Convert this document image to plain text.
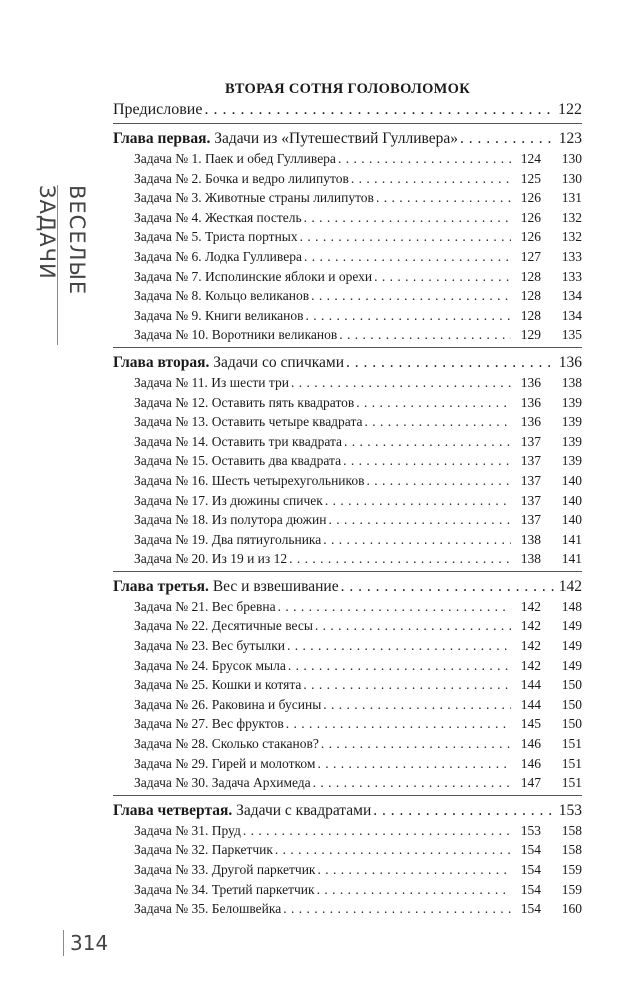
ВЕСЕЛЫЕ ЗАДАЧИ
314
ВТОРАЯ СОТНЯ ГОЛОВОЛОМОК
Предисловие . . .	122
Глава первая. Задачи из «Путешествий Гулливера» . . .	123
Задача № 1. Паек и обед Гулливера . . .	124	130
Задача № 2. Бочка и ведро лилипутов . . .	125	130
Задача № 3. Животные страны лилипутов . . .	126	131
Задача № 4. Жесткая постель . . .	126	132
Задача № 5. Триста портных . . .	126	132
Задача № 6. Лодка Гулливера . . .	127	133
Задача № 7. Исполинские яблоки и орехи . . .	128	133
Задача № 8. Кольцо великанов . . .	128	134
Задача № 9. Книги великанов . . .	128	134
Задача № 10. Воротники великанов . . .	129	135
Глава вторая. Задачи со спичками . . .	136
Задача № 11. Из шести три . . .	136	138
Задача № 12. Оставить пять квадратов . . .	136	139
Задача № 13. Оставить четыре квадрата . . .	136	139
Задача № 14. Оставить три квадрата . . .	137	139
Задача № 15. Оставить два квадрата . . .	137	139
Задача № 16. Шесть четырехугольников . . .	137	140
Задача № 17. Из дюжины спичек . . .	137	140
Задача № 18. Из полутора дюжин . . .	137	140
Задача № 19. Два пятиугольника . . .	138	141
Задача № 20. Из 19 и из 12 . . .	138	141
Глава третья. Вес и взвешивание . . .	142
Задача № 21. Вес бревна . . .	142	148
Задача № 22. Десятичные весы . . .	142	149
Задача № 23. Вес бутылки . . .	142	149
Задача № 24. Брусок мыла . . .	142	149
Задача № 25. Кошки и котята . . .	144	150
Задача № 26. Раковина и бусины . . .	144	150
Задача № 27. Вес фруктов . . .	145	150
Задача № 28. Сколько стаканов? . . .	146	151
Задача № 29. Гирей и молотком . . .	146	151
Задача № 30. Задача Архимеда . . .	147	151
Глава четвертая. Задачи с квадратами . . .	153
Задача № 31. Пруд . . .	153	158
Задача № 32. Паркетчик . . .	154	158
Задача № 33. Другой паркетчик . . .	154	159
Задача № 34. Третий паркетчик . . .	154	159
Задача № 35. Белошвейка . . .	154	160
